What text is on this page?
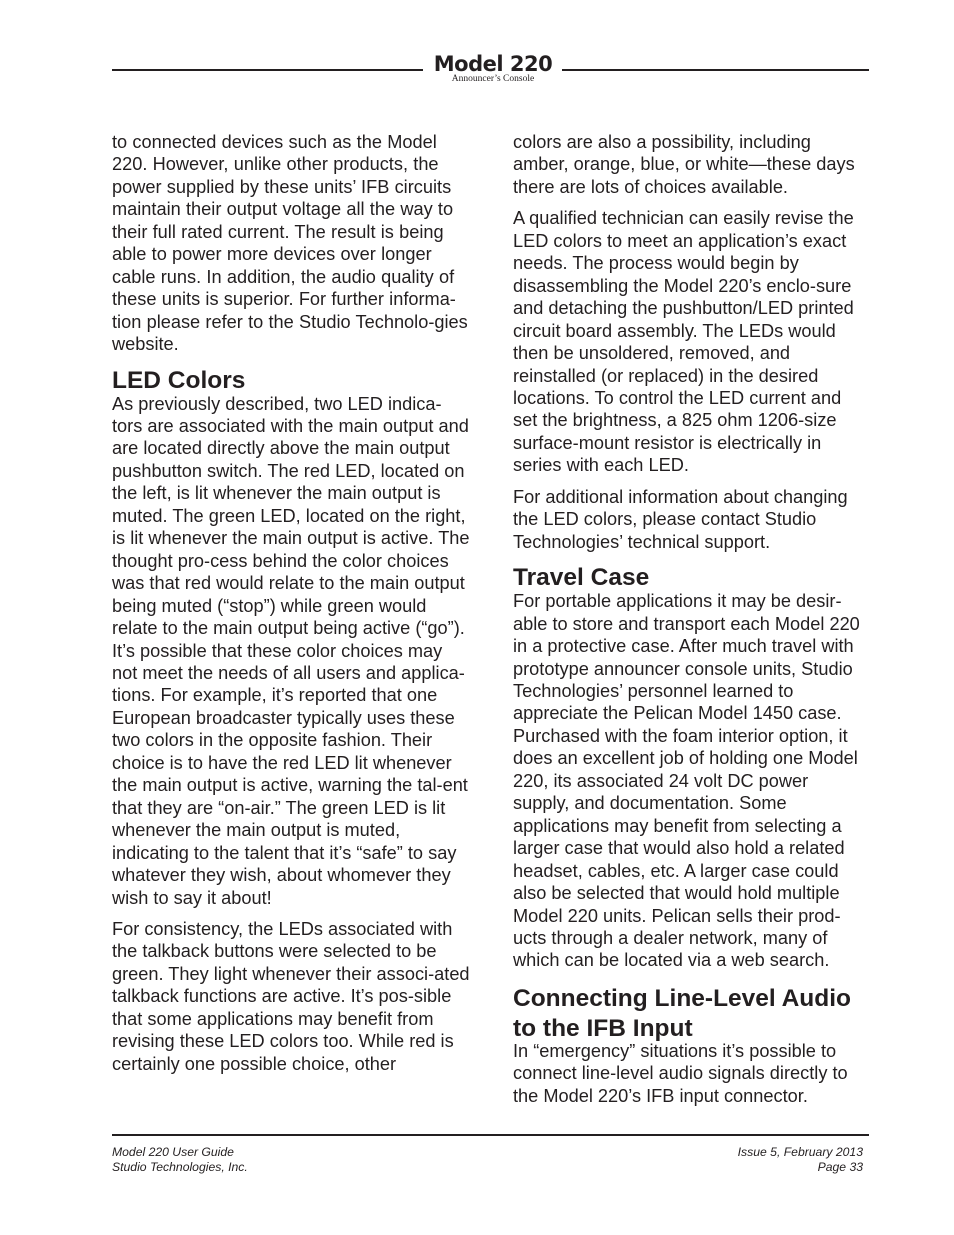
Model 220
Announcer’s Console

to connected devices such as the Model 220. However, unlike other products, the power supplied by these units’ IFB circuits maintain their output voltage all the way to their full rated current. The result is being able to power more devices over longer cable runs. In addition, the audio quality of these units is superior. For further informa-tion please refer to the Studio Technolo-gies website.

LED Colors

As previously described, two LED indica-tors are associated with the main output and are located directly above the main output pushbutton switch. The red LED, located on the left, is lit whenever the main output is muted. The green LED, located on the right, is lit whenever the main output is active. The thought pro-cess behind the color choices was that red would relate to the main output being muted (“stop”) while green would relate to the main output being active (“go”). It’s possible that these color choices may not meet the needs of all users and applica-tions. For example, it’s reported that one European broadcaster typically uses these two colors in the opposite fashion. Their choice is to have the red LED lit whenever the main output is active, warning the tal-ent that they are “on-air.” The green LED is lit whenever the main output is muted, indicating to the talent that it’s “safe” to say whatever they wish, about whomever they wish to say it about!

For consistency, the LEDs associated with the talkback buttons were selected to be green. They light whenever their associ-ated talkback functions are active. It’s pos-sible that some applications may benefit from revising these LED colors too. While red is certainly one possible choice, other

colors are also a possibility, including amber, orange, blue, or white—these days there are lots of choices available.

A qualified technician can easily revise the LED colors to meet an application’s exact needs. The process would begin by disassembling the Model 220’s enclo-sure and detaching the pushbutton/LED printed circuit board assembly. The LEDs would then be unsoldered, removed, and reinstalled (or replaced) in the desired locations. To control the LED current and set the brightness, a 825 ohm 1206-size surface-mount resistor is electrically in series with each LED.

For additional information about changing the LED colors, please contact Studio Technologies’ technical support.

Travel Case

For portable applications it may be desir-able to store and transport each Model 220 in a protective case. After much travel with prototype announcer console units, Studio Technologies’ personnel learned to appreciate the Pelican Model 1450 case. Purchased with the foam interior option, it does an excellent job of holding one Model 220, its associated 24 volt DC power supply, and documentation. Some applications may benefit from selecting a larger case that would also hold a related headset, cables, etc. A larger case could also be selected that would hold multiple Model 220 units. Pelican sells their prod-ucts through a dealer network, many of which can be located via a web search.

Connecting Line-Level Audio
to the IFB Input

In “emergency” situations it’s possible to connect line-level audio signals directly to the Model 220’s IFB input connector.

Model 220 User Guide
Studio Technologies, Inc.
Issue 5, February 2013
Page 33
